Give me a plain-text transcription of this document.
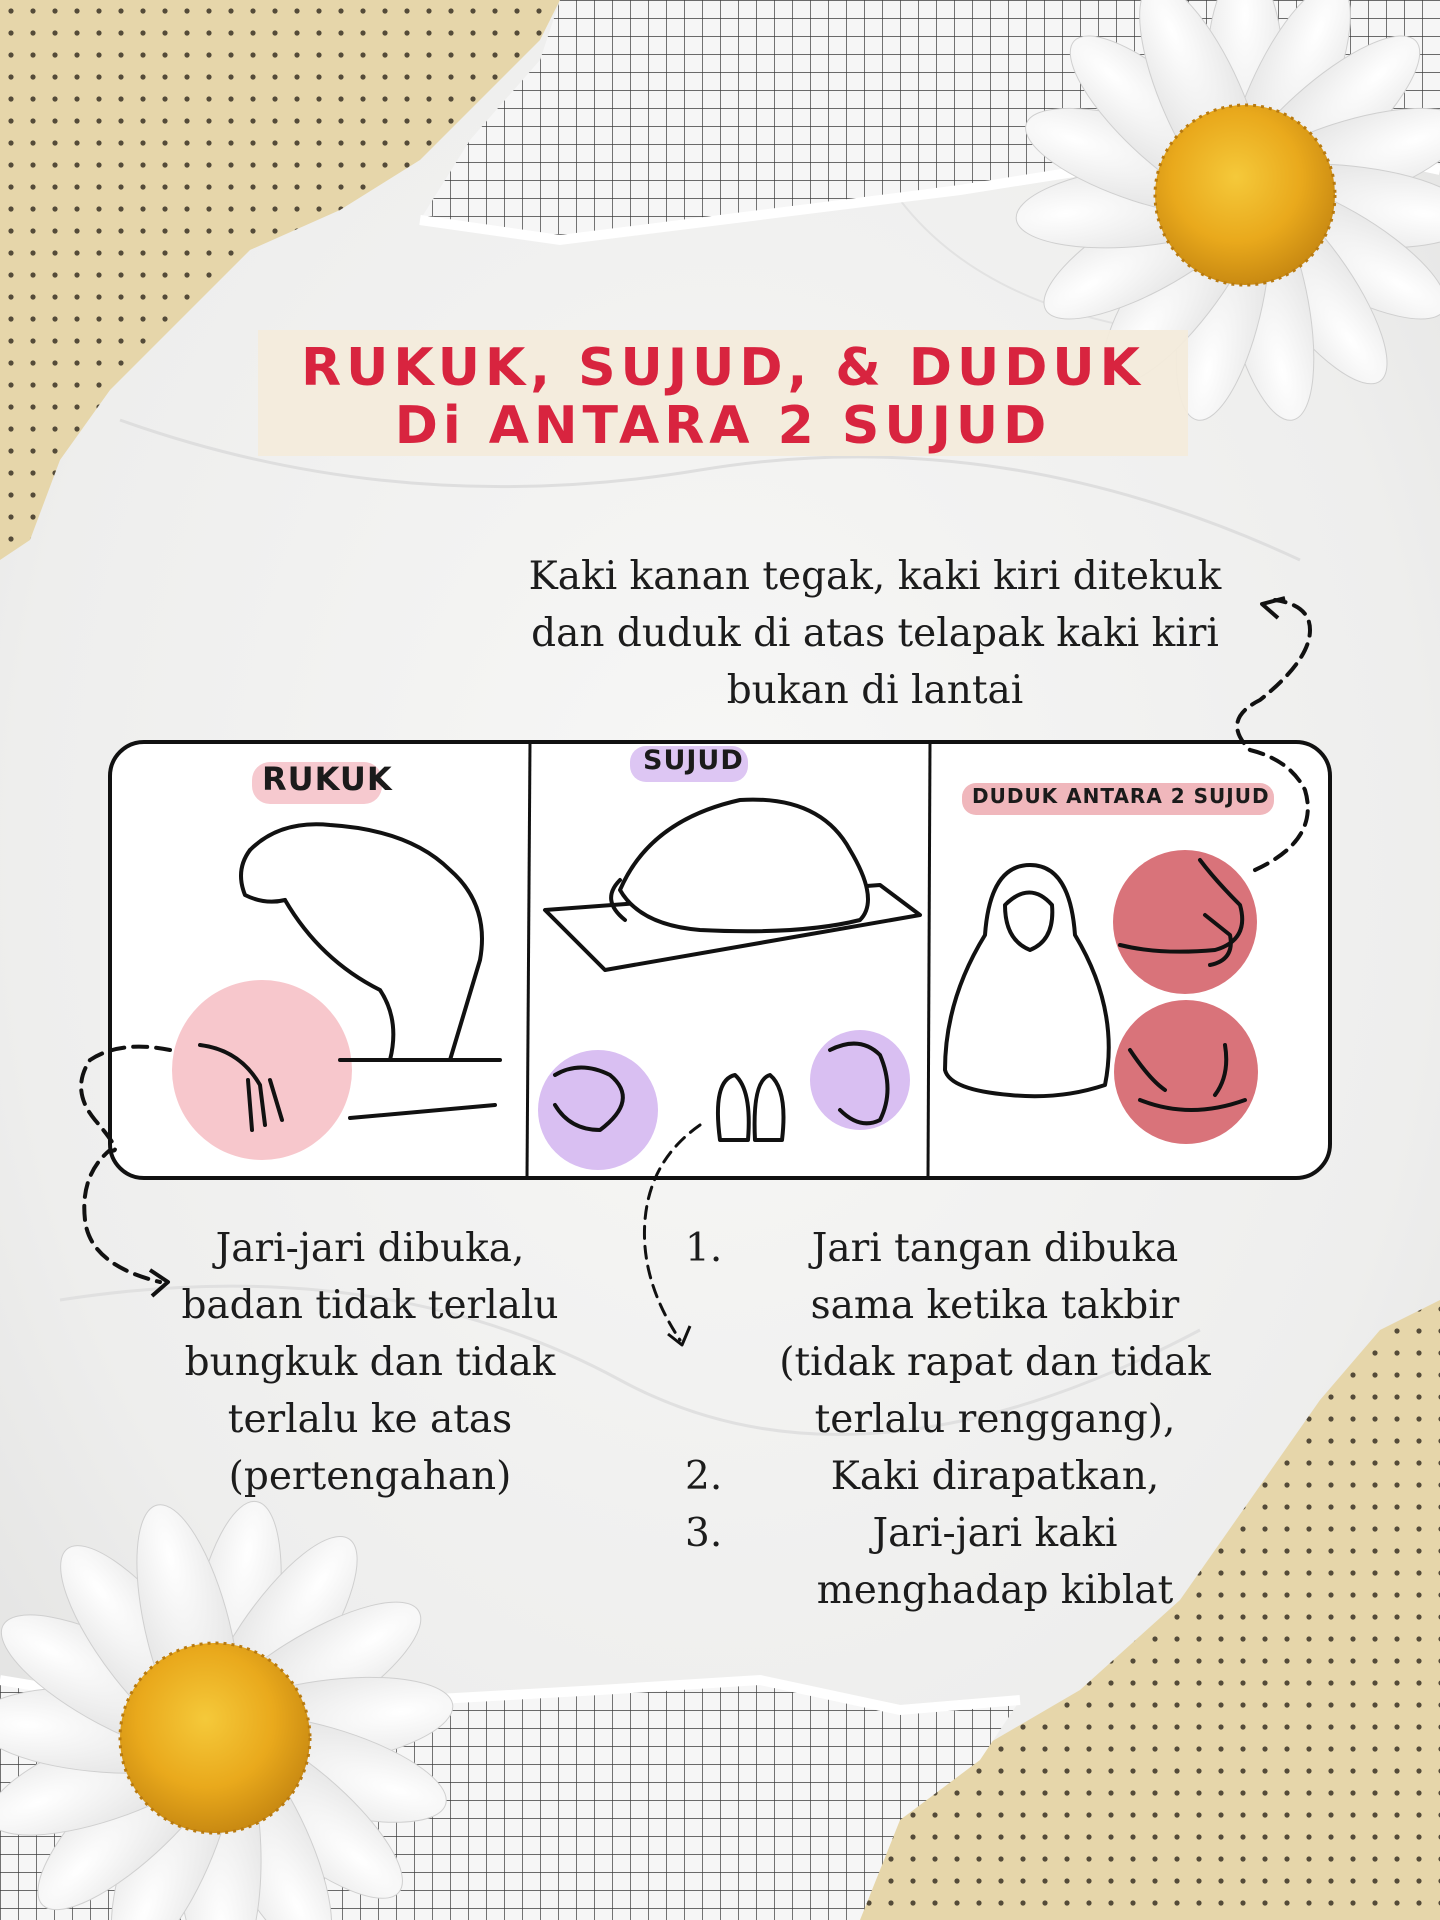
RUKUK, SUJUD, & DUDUK
Di ANTARA 2 SUJUD
RUKUK	SUJUD
DUDUK ANTARA 2 SUJUD
Kaki kanan tegak, kaki kiri ditekuk
dan duduk di atas telapak kaki kiri
bukan di lantai
Jari-jari dibuka,
badan tidak terlalu
bungkuk dan tidak
terlalu ke atas
(pertengahan)
1.	Jari tangan dibuka
sama ketika takbir
(tidak rapat dan tidak
terlalu renggang),
2.	Kaki dirapatkan,
3.	Jari-jari kaki
menghadap kiblat
